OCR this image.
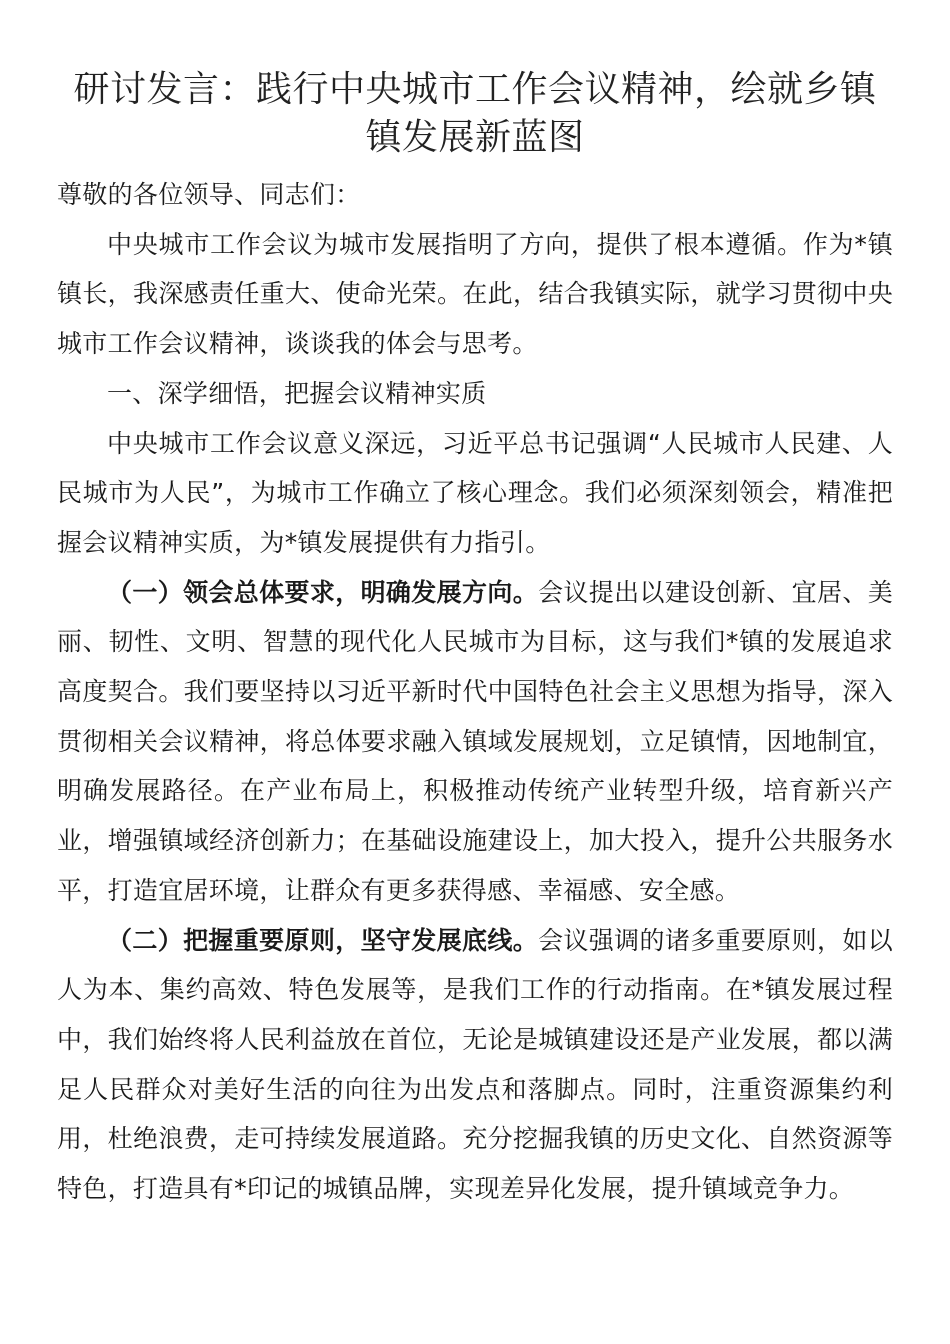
研讨发言：践行中央城市工作会议精神，绘就乡镇镇发展新蓝图

尊敬的各位领导、同志们：

中央城市工作会议为城市发展指明了方向，提供了根本遵循。作为*镇镇长，我深感责任重大、使命光荣。在此，结合我镇实际，就学习贯彻中央城市工作会议精神，谈谈我的体会与思考。

一、深学细悟，把握会议精神实质

中央城市工作会议意义深远，习近平总书记强调“人民城市人民建、人民城市为人民”，为城市工作确立了核心理念。我们必须深刻领会，精准把握会议精神实质，为*镇发展提供有力指引。

（一）领会总体要求，明确发展方向。会议提出以建设创新、宜居、美丽、韧性、文明、智慧的现代化人民城市为目标，这与我们*镇的发展追求高度契合。我们要坚持以习近平新时代中国特色社会主义思想为指导，深入贯彻相关会议精神，将总体要求融入镇域发展规划，立足镇情，因地制宜，明确发展路径。在产业布局上，积极推动传统产业转型升级，培育新兴产业，增强镇域经济创新力；在基础设施建设上，加大投入，提升公共服务水平，打造宜居环境，让群众有更多获得感、幸福感、安全感。

（二）把握重要原则，坚守发展底线。会议强调的诸多重要原则，如以人为本、集约高效、特色发展等，是我们工作的行动指南。在*镇发展过程中，我们始终将人民利益放在首位，无论是城镇建设还是产业发展，都以满足人民群众对美好生活的向往为出发点和落脚点。同时，注重资源集约利用，杜绝浪费，走可持续发展道路。充分挖掘我镇的历史文化、自然资源等特色，打造具有*印记的城镇品牌，实现差异化发展，提升镇域竞争力。
